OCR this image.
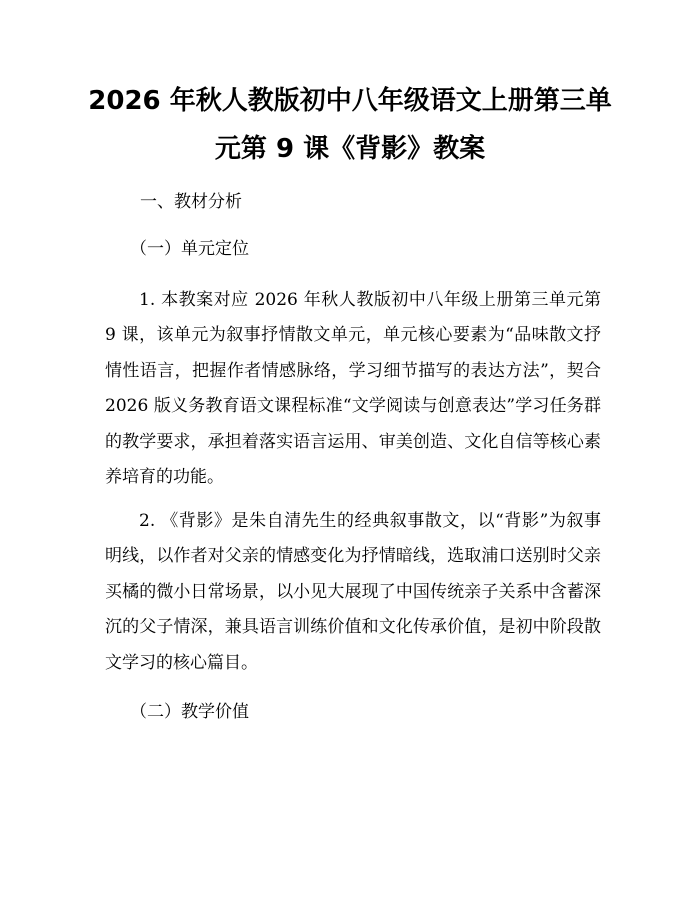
2026 年秋人教版初中八年级语文上册第三单
元第 9 课《背影》教案
一、教材分析
（一）单元定位
1. 本教案对应 2026 年秋人教版初中八年级上册第三单元第 9 课，该单元为叙事抒情散文单元，单元核心要素为“品味散文抒情性语言，把握作者情感脉络，学习细节描写的表达方法”，契合 2026 版义务教育语文课程标准“文学阅读与创意表达”学习任务群的教学要求，承担着落实语言运用、审美创造、文化自信等核心素养培育的功能。
2. 《背影》是朱自清先生的经典叙事散文，以“背影”为叙事明线，以作者对父亲的情感变化为抒情暗线，选取浦口送别时父亲买橘的微小日常场景，以小见大展现了中国传统亲子关系中含蓄深沉的父子情深，兼具语言训练价值和文化传承价值，是初中阶段散文学习的核心篇目。
（二）教学价值
